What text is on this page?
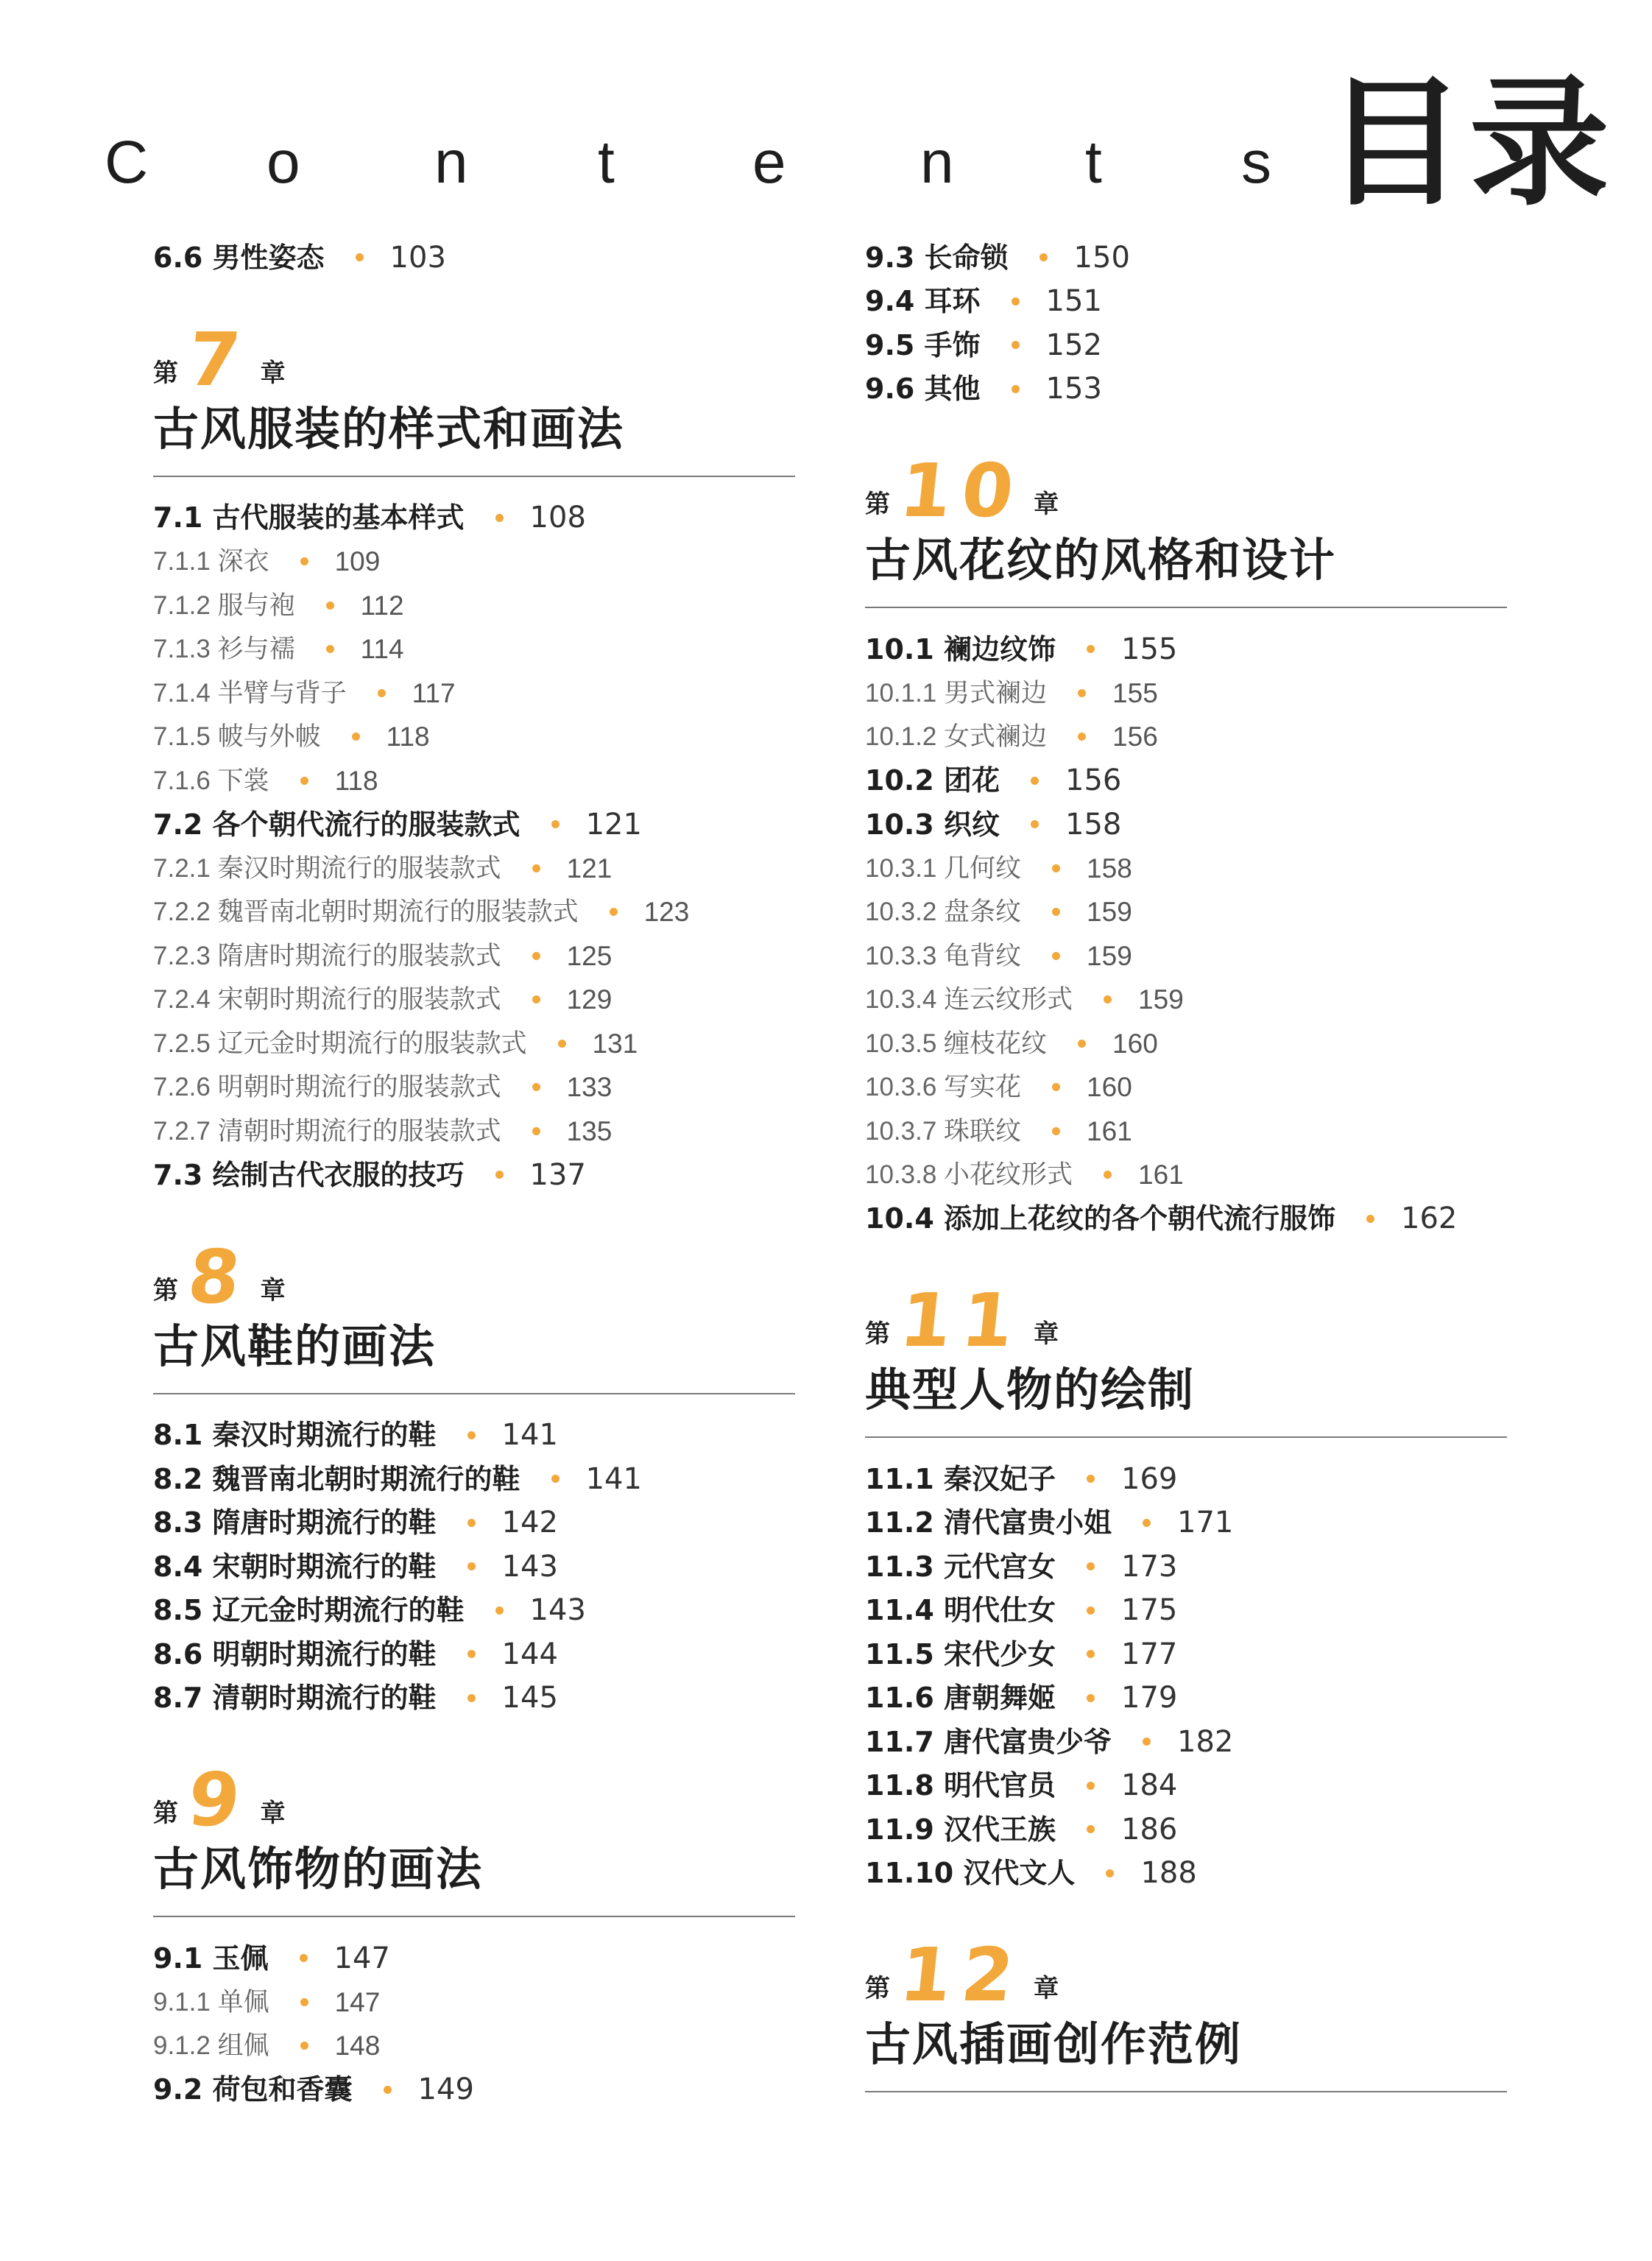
C o n t e n t s 目录
6.6 男性姿态 103
第 7 章
古风服装的样式和画法
7.1 古代服装的基本样式 108
7.1.1 深衣 109
7.1.2 服与袍 112
7.1.3 衫与襦 114
7.1.4 半臂与背子 117
7.1.5 帔与外帔 118
7.1.6 下裳 118
7.2 各个朝代流行的服装款式 121
7.2.1 秦汉时期流行的服装款式 121
7.2.2 魏晋南北朝时期流行的服装款式 123
7.2.3 隋唐时期流行的服装款式 125
7.2.4 宋朝时期流行的服装款式 129
7.2.5 辽元金时期流行的服装款式 131
7.2.6 明朝时期流行的服装款式 133
7.2.7 清朝时期流行的服装款式 135
7.3 绘制古代衣服的技巧 137
第 8 章
古风鞋的画法
8.1 秦汉时期流行的鞋 141
8.2 魏晋南北朝时期流行的鞋 141
8.3 隋唐时期流行的鞋 142
8.4 宋朝时期流行的鞋 143
8.5 辽元金时期流行的鞋 143
8.6 明朝时期流行的鞋 144
8.7 清朝时期流行的鞋 145
第 9 章
古风饰物的画法
9.1 玉佩 147
9.1.1 单佩 147
9.1.2 组佩 148
9.2 荷包和香囊 149
9.3 长命锁 150
9.4 耳环 151
9.5 手饰 152
9.6 其他 153
第 10 章
古风花纹的风格和设计
10.1 襕边纹饰 155
10.1.1 男式襕边 155
10.1.2 女式襕边 156
10.2 团花 156
10.3 织纹 158
10.3.1 几何纹 158
10.3.2 盘条纹 159
10.3.3 龟背纹 159
10.3.4 连云纹形式 159
10.3.5 缠枝花纹 160
10.3.6 写实花 160
10.3.7 珠联纹 161
10.3.8 小花纹形式 161
10.4 添加上花纹的各个朝代流行服饰 162
第 11 章
典型人物的绘制
11.1 秦汉妃子 169
11.2 清代富贵小姐 171
11.3 元代宫女 173
11.4 明代仕女 175
11.5 宋代少女 177
11.6 唐朝舞姬 179
11.7 唐代富贵少爷 182
11.8 明代官员 184
11.9 汉代王族 186
11.10 汉代文人 188
第 12 章
古风插画创作范例
